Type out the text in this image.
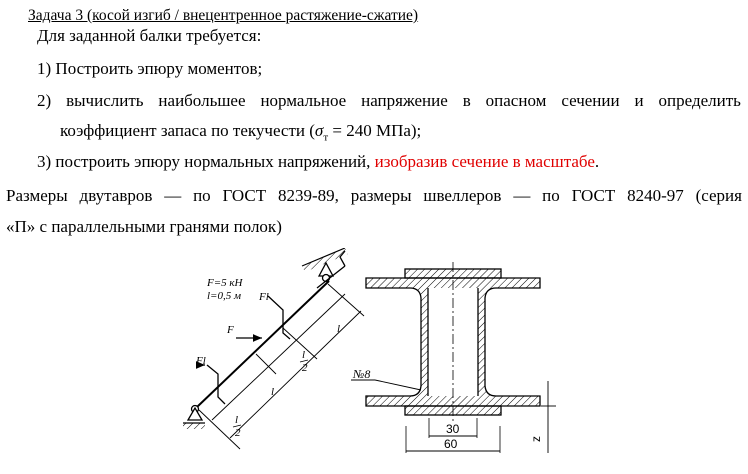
Задача 3 (косой изгиб / внецентренное растяжение-сжатие)
Для заданной балки требуется:
1) Построить эпюру моментов;
2) вычислить наибольшее нормальное напряжение в опасном сечении и определить
коэффициент запаса по текучести ($\sigma_т = 240$ МПа);
3) построить эпюру нормальных напряжений, изобразив сечение в масштабе.
Размеры двутавров — по ГОСТ 8239-89, размеры швеллеров — по ГОСТ 8240-97 (серия
«П» с параллельными гранями полок)
F=5 кН
l=0,5 м Fl
F
Fl
l
l
2
l
l
2
№8
30
60	z
